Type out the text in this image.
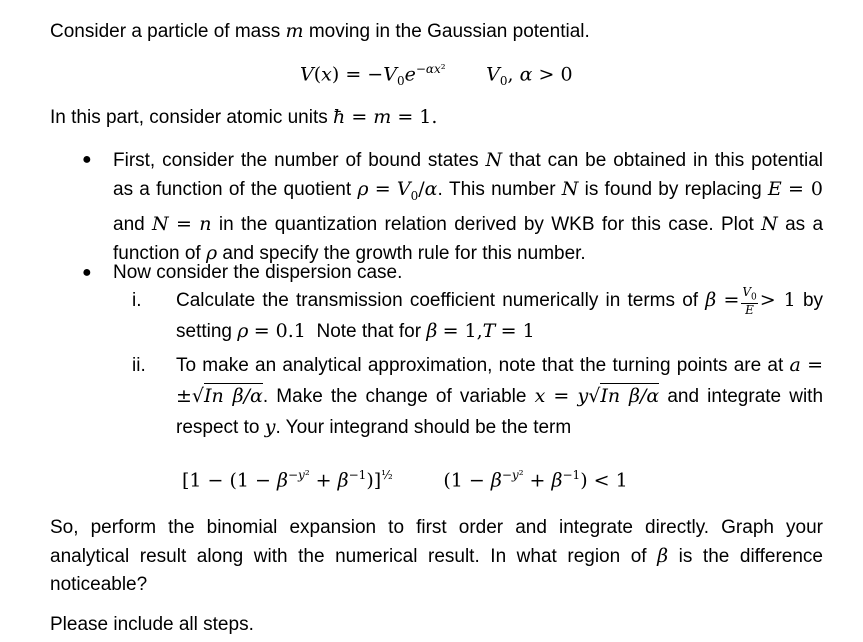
Consider a particle of mass m moving in the Gaussian potential.
$V(x) = -V_0e^{-\alpha x^2}$ $V_0$, α > 0
In this part, consider atomic units ħ = m = 1.
● First, consider the number of bound states N that can be obtained in this potential as a function of the quotient $\rho = V_0/\alpha$. This number N is found by replacing E = 0 and N = n in the quantization relation derived by WKB for this case. Plot N as a function of ρ and specify the growth rule for this number.
● Now consider the dispersion case.
i. Calculate the transmission coefficient numerically in terms of $\beta = \frac{V_0}{E} > 1$ by setting ρ = 0.1 Note that for β = 1,T = 1
ii. To make an analytical approximation, note that the turning points are at a = ±√In β/α. Make the change of variable x = y√In β/α and integrate with respect to y. Your integrand should be the term
$[1 - (1 - \beta^{-y^2} + \beta^{-1})]^{\frac{1}{2}}$	$(1 - \beta^{-y^2} + \beta^{-1}) < 1$
So, perform the binomial expansion to first order and integrate directly. Graph your analytical result along with the numerical result. In what region of β is the difference noticeable?
Please include all steps.
